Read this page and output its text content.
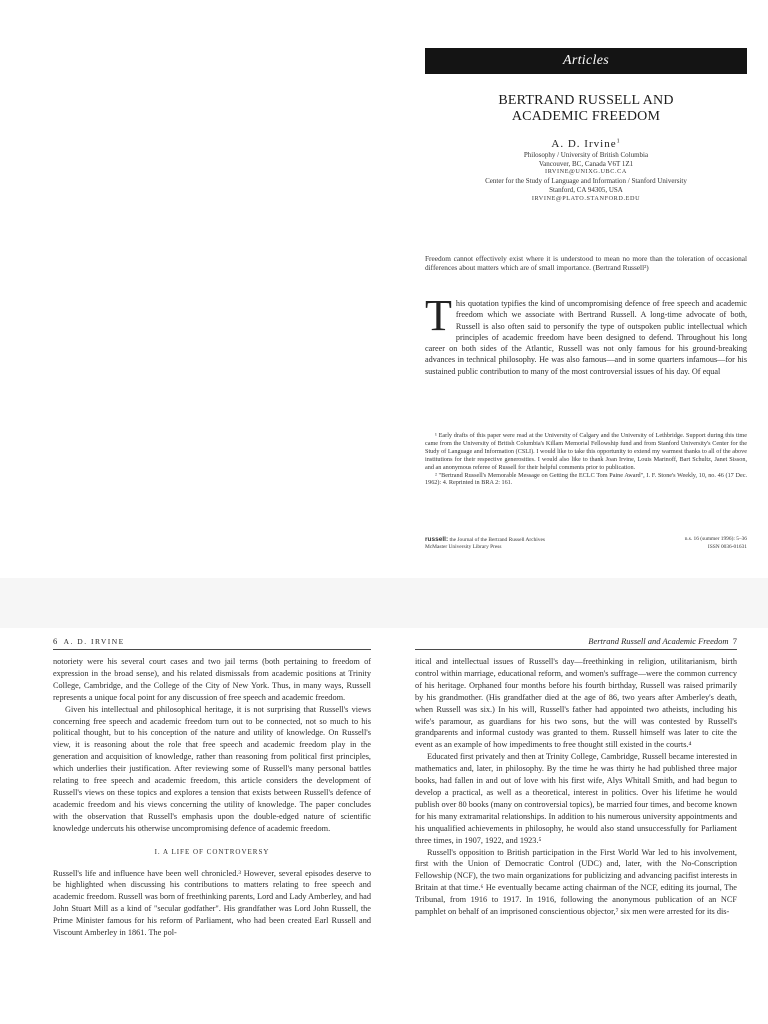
Articles
BERTRAND RUSSELL AND
ACADEMIC FREEDOM
A. D. Irvine$^1$
Philosophy / University of British Columbia
Vancouver, BC, Canada V6T 1Z1
IRVINE@UNIXG.UBC.CA
Center for the Study of Language and Information / Stanford University
Stanford, CA 94305, USA
IRVINE@PLATO.STANFORD.EDU
Freedom cannot effectively exist where it is understood to mean no more than the toleration of occasional differences about matters which are of small importance. (Bertrand Russell²)
T his quotation typifies the kind of uncompromising defence of free speech and academic freedom which we associate with Bertrand Russell. A long-time advocate of both, Russell is also often said to personify the type of outspoken public intellectual which principles of academic freedom have been designed to defend. Throughout his long career on both sides of the Atlantic, Russell was not only famous for his ground-breaking advances in technical philosophy. He was also famous—and in some quarters infamous—for his sustained public contribution to many of the most controversial issues of his day. Of equal

¹ Early drafts of this paper were read at the University of Calgary and the University of Lethbridge. Support during this time came from the University of British Columbia's Killam Memorial Fellowship fund and from Stanford University's Center for the Study of Language and Information (CSLI). I would like to take this opportunity to extend my warmest thanks to all of the above institutions for their respective generosities. I would also like to thank Joan Irvine, Louis Marinoff, Bart Schultz, Janet Sisson, and an anonymous referee of Russell for their helpful comments prior to publication.

² "Bertrand Russell's Memorable Message on Getting the ECLC Tom Paine Award", I. F. Stone's Weekly, 10, no. 46 (17 Dec. 1962): 4. Reprinted in BRA 2: 161.

russell: the Journal of the Bertrand Russell Archives	n.s. 16 (summer 1996): 5–36
McMaster University Library Press	ISSN 0036-01631
6 A. D. IRVINE

notoriety were his several court cases and two jail terms (both pertaining to freedom of expression in the broad sense), and his related dismissals from academic positions at Trinity College, Cambridge, and the College of the City of New York. Thus, in many ways, Russell represents a unique focal point for any discussion of free speech and academic freedom.

Given his intellectual and philosophical heritage, it is not surprising that Russell's views concerning free speech and academic freedom turn out to be connected, not so much to his political thought, but to his conception of the nature and utility of knowledge. On Russell's view, it is reasoning about the role that free speech and academic freedom play in the generation and acquisition of knowledge, rather than reasoning from political first principles, which underlies their justification. After reviewing some of Russell's many personal battles relating to free speech and academic freedom, this article considers the development of Russell's views on these topics and explores a tension that exists between Russell's defence of academic freedom and his views concerning the utility of knowledge. The paper concludes with the observation that Russell's emphasis upon the double-edged nature of scientific knowledge undercuts his otherwise uncompromising defence of academic freedom.

I. A LIFE OF CONTROVERSY

Russell's life and influence have been well chronicled.³ However, several episodes deserve to be highlighted when discussing his contributions to matters relating to free speech and academic freedom. Russell was born of freethinking parents, Lord and Lady Amberley, and had John Stuart Mill as a kind of "secular godfather". His grandfather was Lord John Russell, the Prime Minister famous for his reform of Parliament, who had been created Earl Russell and Viscount Amberley in 1861. The pol-

Bertrand Russell and Academic Freedom 7

itical and intellectual issues of Russell's day—freethinking in religion, utilitarianism, birth control within marriage, educational reform, and women's suffrage—were the common currency of his heritage. Orphaned four months before his fourth birthday, Russell was raised primarily by his grandmother. (His grandfather died at the age of 86, two years after Amberley's death, when Russell was six.) In his will, Russell's father had appointed two atheists, including his wife's paramour, as guardians for his two sons, but the will was contested by Russell's grandparents and informal custody was granted to them. Russell himself was later to cite the event as an example of how impediments to free thought still existed in the courts.⁴

Educated first privately and then at Trinity College, Cambridge, Russell became interested in mathematics and, later, in philosophy. By the time he was thirty he had published three major books, had fallen in and out of love with his first wife, Alys Whitall Smith, and had begun to develop a practical, as well as a theoretical, interest in politics. Over his lifetime he would publish over 80 books (many on controversial topics), be married four times, and become known for his many extramarital relationships. In addition to his numerous university appointments and his unqualified achievements in philosophy, he would also stand unsuccessfully for Parliament three times, in 1907, 1922, and 1923.⁵

Russell's opposition to British participation in the First World War led to his involvement, first with the Union of Democratic Control (UDC) and, later, with the No-Conscription Fellowship (NCF), the two main organizations for publicizing and advancing pacifist interests in Britain at that time.⁶ He eventually became acting chairman of the NCF, editing its journal, The Tribunal, from 1916 to 1917. In 1916, following the anonymous publication of an NCF pamphlet on behalf of an imprisoned conscientious objector,⁷ six men were arrested for its dis-
